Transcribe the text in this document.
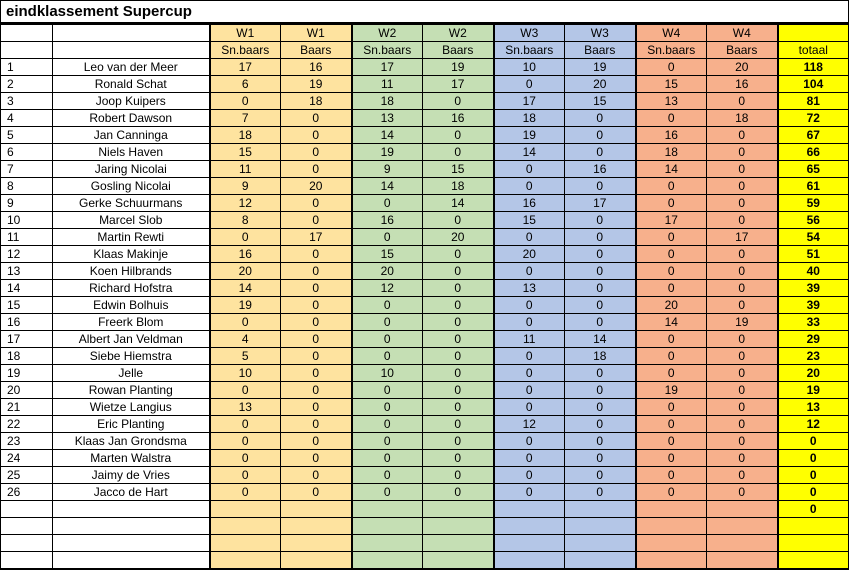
eindklassement Supercup
		W1	W1	W2	W2	W3	W3	W4	W4	
		Sn.baars	Baars	Sn.baars	Baars	Sn.baars	Baars	Sn.baars	Baars	totaal
1	Leo van der Meer	17	16	17	19	10	19	0	20	118
2	Ronald Schat	6	19	11	17	0	20	15	16	104
3	Joop Kuipers	0	18	18	0	17	15	13	0	81
4	Robert Dawson	7	0	13	16	18	0	0	18	72
5	Jan Canninga	18	0	14	0	19	0	16	0	67
6	Niels Haven	15	0	19	0	14	0	18	0	66
7	Jaring Nicolai	11	0	9	15	0	16	14	0	65
8	Gosling Nicolai	9	20	14	18	0	0	0	0	61
9	Gerke Schuurmans	12	0	0	14	16	17	0	0	59
10	Marcel Slob	8	0	16	0	15	0	17	0	56
11	Martin Rewti	0	17	0	20	0	0	0	17	54
12	Klaas Makinje	16	0	15	0	20	0	0	0	51
13	Koen Hilbrands	20	0	20	0	0	0	0	0	40
14	Richard Hofstra	14	0	12	0	13	0	0	0	39
15	Edwin Bolhuis	19	0	0	0	0	0	20	0	39
16	Freerk Blom	0	0	0	0	0	0	14	19	33
17	Albert Jan Veldman	4	0	0	0	11	14	0	0	29
18	Siebe Hiemstra	5	0	0	0	0	18	0	0	23
19	Jelle	10	0	10	0	0	0	0	0	20
20	Rowan Planting	0	0	0	0	0	0	19	0	19
21	Wietze Langius	13	0	0	0	0	0	0	0	13
22	Eric Planting	0	0	0	0	12	0	0	0	12
23	Klaas Jan Grondsma	0	0	0	0	0	0	0	0	0
24	Marten Walstra	0	0	0	0	0	0	0	0	0
25	Jaimy de Vries	0	0	0	0	0	0	0	0	0
26	Jacco de Hart	0	0	0	0	0	0	0	0	0
										0
